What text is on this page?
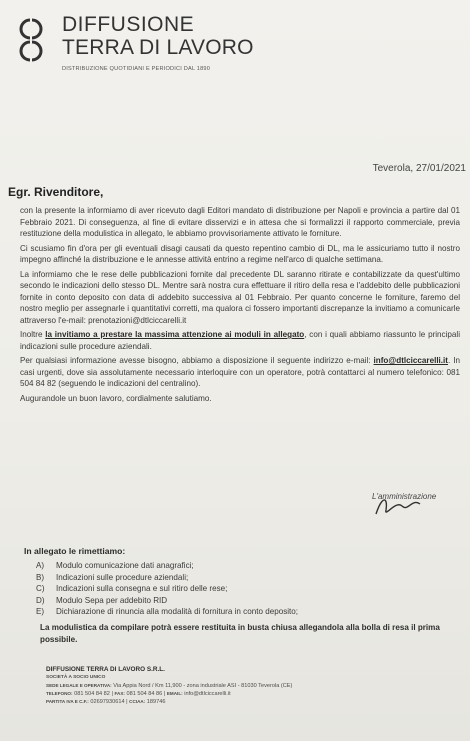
DIFFUSIONE
TERRA DI LAVORO
DISTRIBUZIONE QUOTIDIANI E PERIODICI DAL 1890
Teverola, 27/01/2021
Egr. Rivenditore,

con la presente la informiamo di aver ricevuto dagli Editori mandato di distribuzione per Napoli e provincia a partire dal 01 Febbraio 2021. Di conseguenza, al fine di evitare disservizi e in attesa che si formalizzi il rapporto commerciale, previa restituzione della modulistica in allegato, le abbiamo provvisoriamente attivato le forniture.

Ci scusiamo fin d'ora per gli eventuali disagi causati da questo repentino cambio di DL, ma le assicuriamo tutto il nostro impegno affinché la distribuzione e le annesse attività entrino a regime nell'arco di qualche settimana.

La informiamo che le rese delle pubblicazioni fornite dal precedente DL saranno ritirate e contabilizzate da quest'ultimo secondo le indicazioni dello stesso DL. Mentre sarà nostra cura effettuare il ritiro della resa e l'addebito delle pubblicazioni fornite in conto deposito con data di addebito successiva al 01 Febbraio. Per quanto concerne le forniture, faremo del nostro meglio per assegnarle i quantitativi corretti, ma qualora ci fossero importanti discrepanze la invitiamo a comunicarle attraverso l'e-mail: prenotazioni@dtlciccarelli.it

Inoltre la invitiamo a prestare la massima attenzione ai moduli in allegato, con i quali abbiamo riassunto le principali indicazioni sulle procedure aziendali.

Per qualsiasi informazione avesse bisogno, abbiamo a disposizione il seguente indirizzo e-mail: info@dtlciccarelli.it. In casi urgenti, dove sia assolutamente necessario interloquire con un operatore, potrà contattarci al numero telefonico: 081 504 84 82 (seguendo le indicazioni del centralino).

Augurandole un buon lavoro, cordialmente salutiamo.

L'amministrazione
In allegato le rimettiamo:
A)	Modulo comunicazione dati anagrafici;
B)	Indicazioni sulle procedure aziendali;
C)	Indicazioni sulla consegna e sul ritiro delle rese;
D)	Modulo Sepa per addebito RID
E)	Dichiarazione di rinuncia alla modalità di fornitura in conto deposito;
La modulistica da compilare potrà essere restituita in busta chiusa allegandola alla bolla di resa il prima possibile.
DIFFUSIONE TERRA DI LAVORO S.R.L.
SOCIETÀ A SOCIO UNICO
SEDE LEGALE E OPERATIVA: Via Appia Nord / Km 11,900 - zona industriale ASI - 81030 Teverola (CE)
TELEFONO: 081 504 84 82 | FAX: 081 504 84 86 | EMAIL: info@dtlciccarelli.it
PARTITA IVA E C.F.: 02697930614 | CCIAA: 189746
